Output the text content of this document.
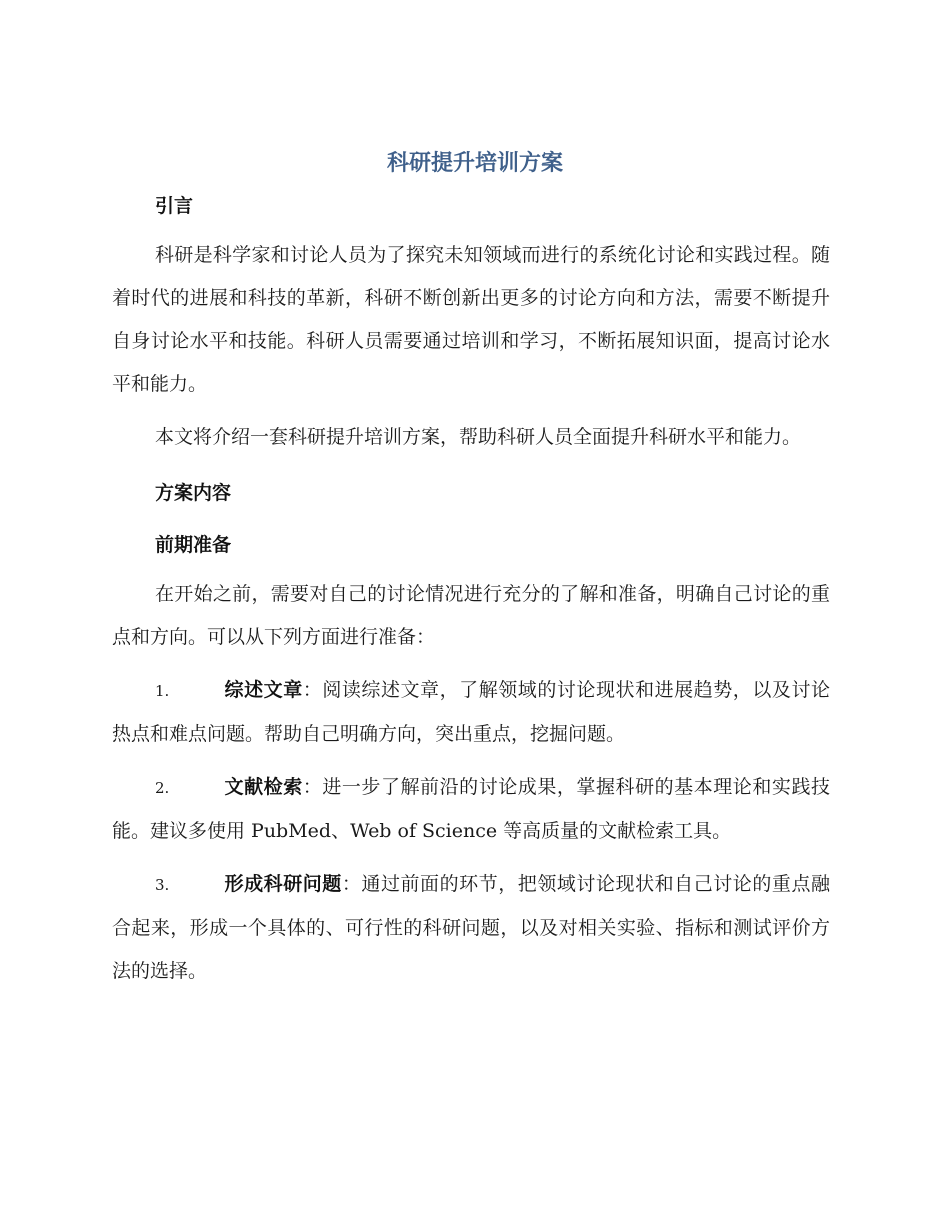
科研提升培训方案
引言

科研是科学家和讨论人员为了探究未知领域而进行的系统化讨论和实践过程。随着时代的进展和科技的革新，科研不断创新出更多的讨论方向和方法，需要不断提升自身讨论水平和技能。科研人员需要通过培训和学习，不断拓展知识面，提高讨论水平和能力。

本文将介绍一套科研提升培训方案，帮助科研人员全面提升科研水平和能力。

方案内容
前期准备

在开始之前，需要对自己的讨论情况进行充分的了解和准备，明确自己讨论的重点和方向。可以从下列方面进行准备：

1.	综述文章：阅读综述文章，了解领域的讨论现状和进展趋势，以及讨论热点和难点问题。帮助自己明确方向，突出重点，挖掘问题。

2.	文献检索：进一步了解前沿的讨论成果，掌握科研的基本理论和实践技能。建议多使用 PubMed、Web of Science 等高质量的文献检索工具。

3.	形成科研问题：通过前面的环节，把领域讨论现状和自己讨论的重点融合起来，形成一个具体的、可行性的科研问题，以及对相关实验、指标和测试评价方法的选择。
